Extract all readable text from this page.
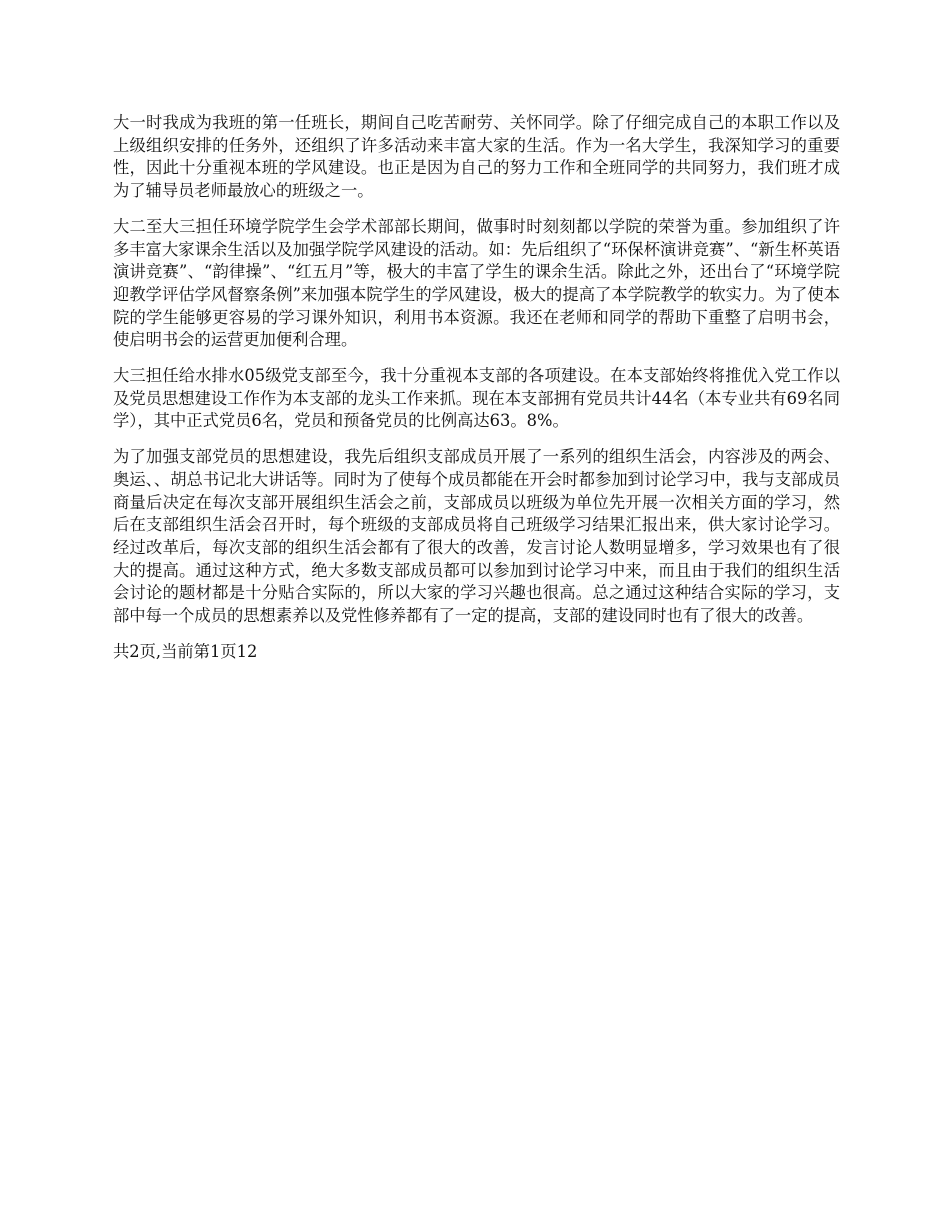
大一时我成为我班的第一任班长，期间自己吃苦耐劳、关怀同学。除了仔细完成自己的本职工作以及上级组织安排的任务外，还组织了许多活动来丰富大家的生活。作为一名大学生，我深知学习的重要性，因此十分重视本班的学风建设。也正是因为自己的努力工作和全班同学的共同努力，我们班才成为了辅导员老师最放心的班级之一。

大二至大三担任环境学院学生会学术部部长期间，做事时时刻刻都以学院的荣誉为重。参加组织了许多丰富大家课余生活以及加强学院学风建设的活动。如：先后组织了“环保杯演讲竞赛”、“新生杯英语演讲竞赛”、“韵律操”、“红五月”等，极大的丰富了学生的课余生活。除此之外，还出台了“环境学院迎教学评估学风督察条例”来加强本院学生的学风建设，极大的提高了本学院教学的软实力。为了使本院的学生能够更容易的学习课外知识，利用书本资源。我还在老师和同学的帮助下重整了启明书会，使启明书会的运营更加便利合理。

大三担任给水排水05级党支部至今，我十分重视本支部的各项建设。在本支部始终将推优入党工作以及党员思想建设工作作为本支部的龙头工作来抓。现在本支部拥有党员共计44名（本专业共有69名同学），其中正式党员6名，党员和预备党员的比例高达63。8%。

为了加强支部党员的思想建设，我先后组织支部成员开展了一系列的组织生活会，内容涉及的两会、奥运、、胡总书记北大讲话等。同时为了使每个成员都能在开会时都参加到讨论学习中，我与支部成员商量后决定在每次支部开展组织生活会之前，支部成员以班级为单位先开展一次相关方面的学习，然后在支部组织生活会召开时，每个班级的支部成员将自己班级学习结果汇报出来，供大家讨论学习。经过改革后，每次支部的组织生活会都有了很大的改善，发言讨论人数明显增多，学习效果也有了很大的提高。通过这种方式，绝大多数支部成员都可以参加到讨论学习中来，而且由于我们的组织生活会讨论的题材都是十分贴合实际的，所以大家的学习兴趣也很高。总之通过这种结合实际的学习，支部中每一个成员的思想素养以及党性修养都有了一定的提高，支部的建设同时也有了很大的改善。

共2页,当前第1页12
